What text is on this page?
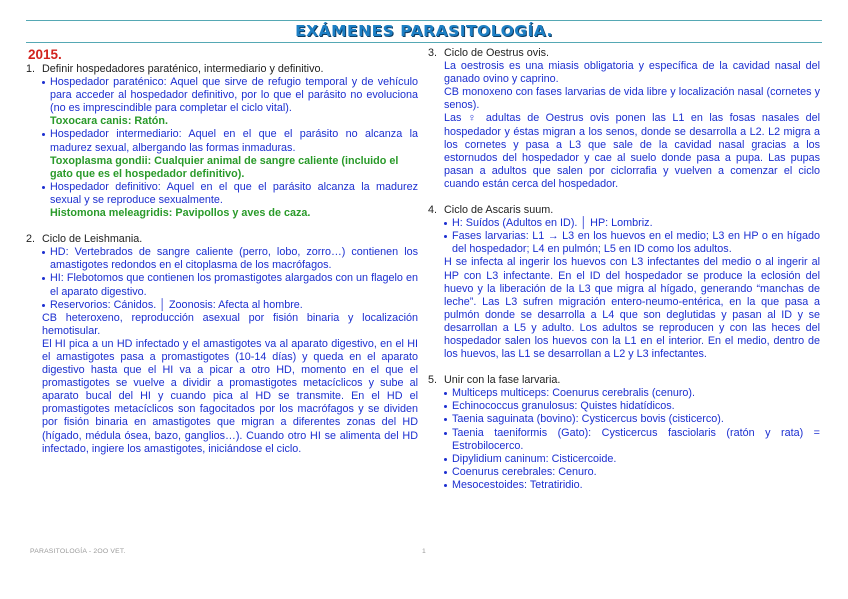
EXÁMENES PARASITOLOGÍA.
2015.
1. Definir hospedadores paraténico, intermediario y definitivo.
Hospedador paraténico: Aquel que sirve de refugio temporal y de vehículo para acceder al hospedador definitivo, por lo que el parásito no evoluciona (no es imprescindible para completar el ciclo vital).
Toxocara canis: Ratón.
Hospedador intermediario: Aquel en el que el parásito no alcanza la madurez sexual, albergando las formas inmaduras.
Toxoplasma gondii: Cualquier animal de sangre caliente (incluido el gato que es el hospedador definitivo).
Hospedador definitivo: Aquel en el que el parásito alcanza la madurez sexual y se reproduce sexualmente.
Histomona meleagridis: Pavipollos y aves de caza.
2. Ciclo de Leishmania.
HD: Vertebrados de sangre caliente (perro, lobo, zorro…) contienen los amastigotes redondos en el citoplasma de los macrófagos.
HI: Flebotomos que contienen los promastigotes alargados con un flagelo en el aparato digestivo.
Reservorios: Cánidos. │ Zoonosis: Afecta al hombre.
CB heteroxeno, reproducción asexual por fisión binaria y localización hemotisular.
El HI pica a un HD infectado y el amastigotes va al aparato digestivo, en el HI el amastigotes pasa a promastigotes (10-14 días) y queda en el aparato digestivo hasta que el HI va a picar a otro HD, momento en el que el promastigotes se vuelve a dividir a promastigotes metacíclicos y sube al aparato bucal del HI y cuando pica al HD se transmite. En el HD el promastigotes metacíclicos son fagocitados por los macrófagos y se dividen por fisión binaria en amastigotes que migran a diferentes zonas del HD (hígado, médula ósea, bazo, ganglios…). Cuando otro HI se alimenta del HD infectado, ingiere los amastigotes, iniciándose el ciclo.
3. Ciclo de Oestrus ovis.
La oestrosis es una miasis obligatoria y específica de la cavidad nasal del ganado ovino y caprino.
CB monoxeno con fases larvarias de vida libre y localización nasal (cornetes y senos).
Las ♀ adultas de Oestrus ovis ponen las L1 en las fosas nasales del hospedador y éstas migran a los senos, donde se desarrolla a L2. L2 migra a los cornetes y pasa a L3 que sale de la cavidad nasal gracias a los estornudos del hospedador y cae al suelo donde pasa a pupa. Las pupas pasan a adultos que salen por ciclorrafia y vuelven a comenzar el ciclo cuando están cerca del hospedador.
4. Ciclo de Ascaris suum.
H: Suídos (Adultos en ID). │ HP: Lombriz.
Fases larvarias: L1 → L3 en los huevos en el medio; L3 en HP o en hígado del hospedador; L4 en pulmón; L5 en ID como los adultos.
H se infecta al ingerir los huevos con L3 infectantes del medio o al ingerir al HP con L3 infectante. En el ID del hospedador se produce la eclosión del huevo y la liberación de la L3 que migra al hígado, generando “manchas de leche”. Las L3 sufren migración entero-neumo-entérica, en la que pasa a pulmón donde se desarrolla a L4 que son deglutidas y pasan al ID y se desarrollan a L5 y adulto. Los adultos se reproducen y con las heces del hospedador salen los huevos con la L1 en el interior. En el medio, dentro de los huevos, las L1 se desarrollan a L2 y L3 infectantes.
5. Unir con la fase larvaria.
Multiceps multiceps: Coenurus cerebralis (cenuro).
Echinococcus granulosus: Quistes hidatídicos.
Taenia saguinata (bovino): Cysticercus bovis (cisticerco).
Taenia taeniformis (Gato): Cysticercus fasciolaris (ratón y rata) = Estrobilocerco.
Dipylidium caninum: Cisticercoide.
Coenurus cerebrales: Cenuro.
Mesocestoides: Tetratiridio.
PARASITOLOGÍA - 2OO VET.	1
